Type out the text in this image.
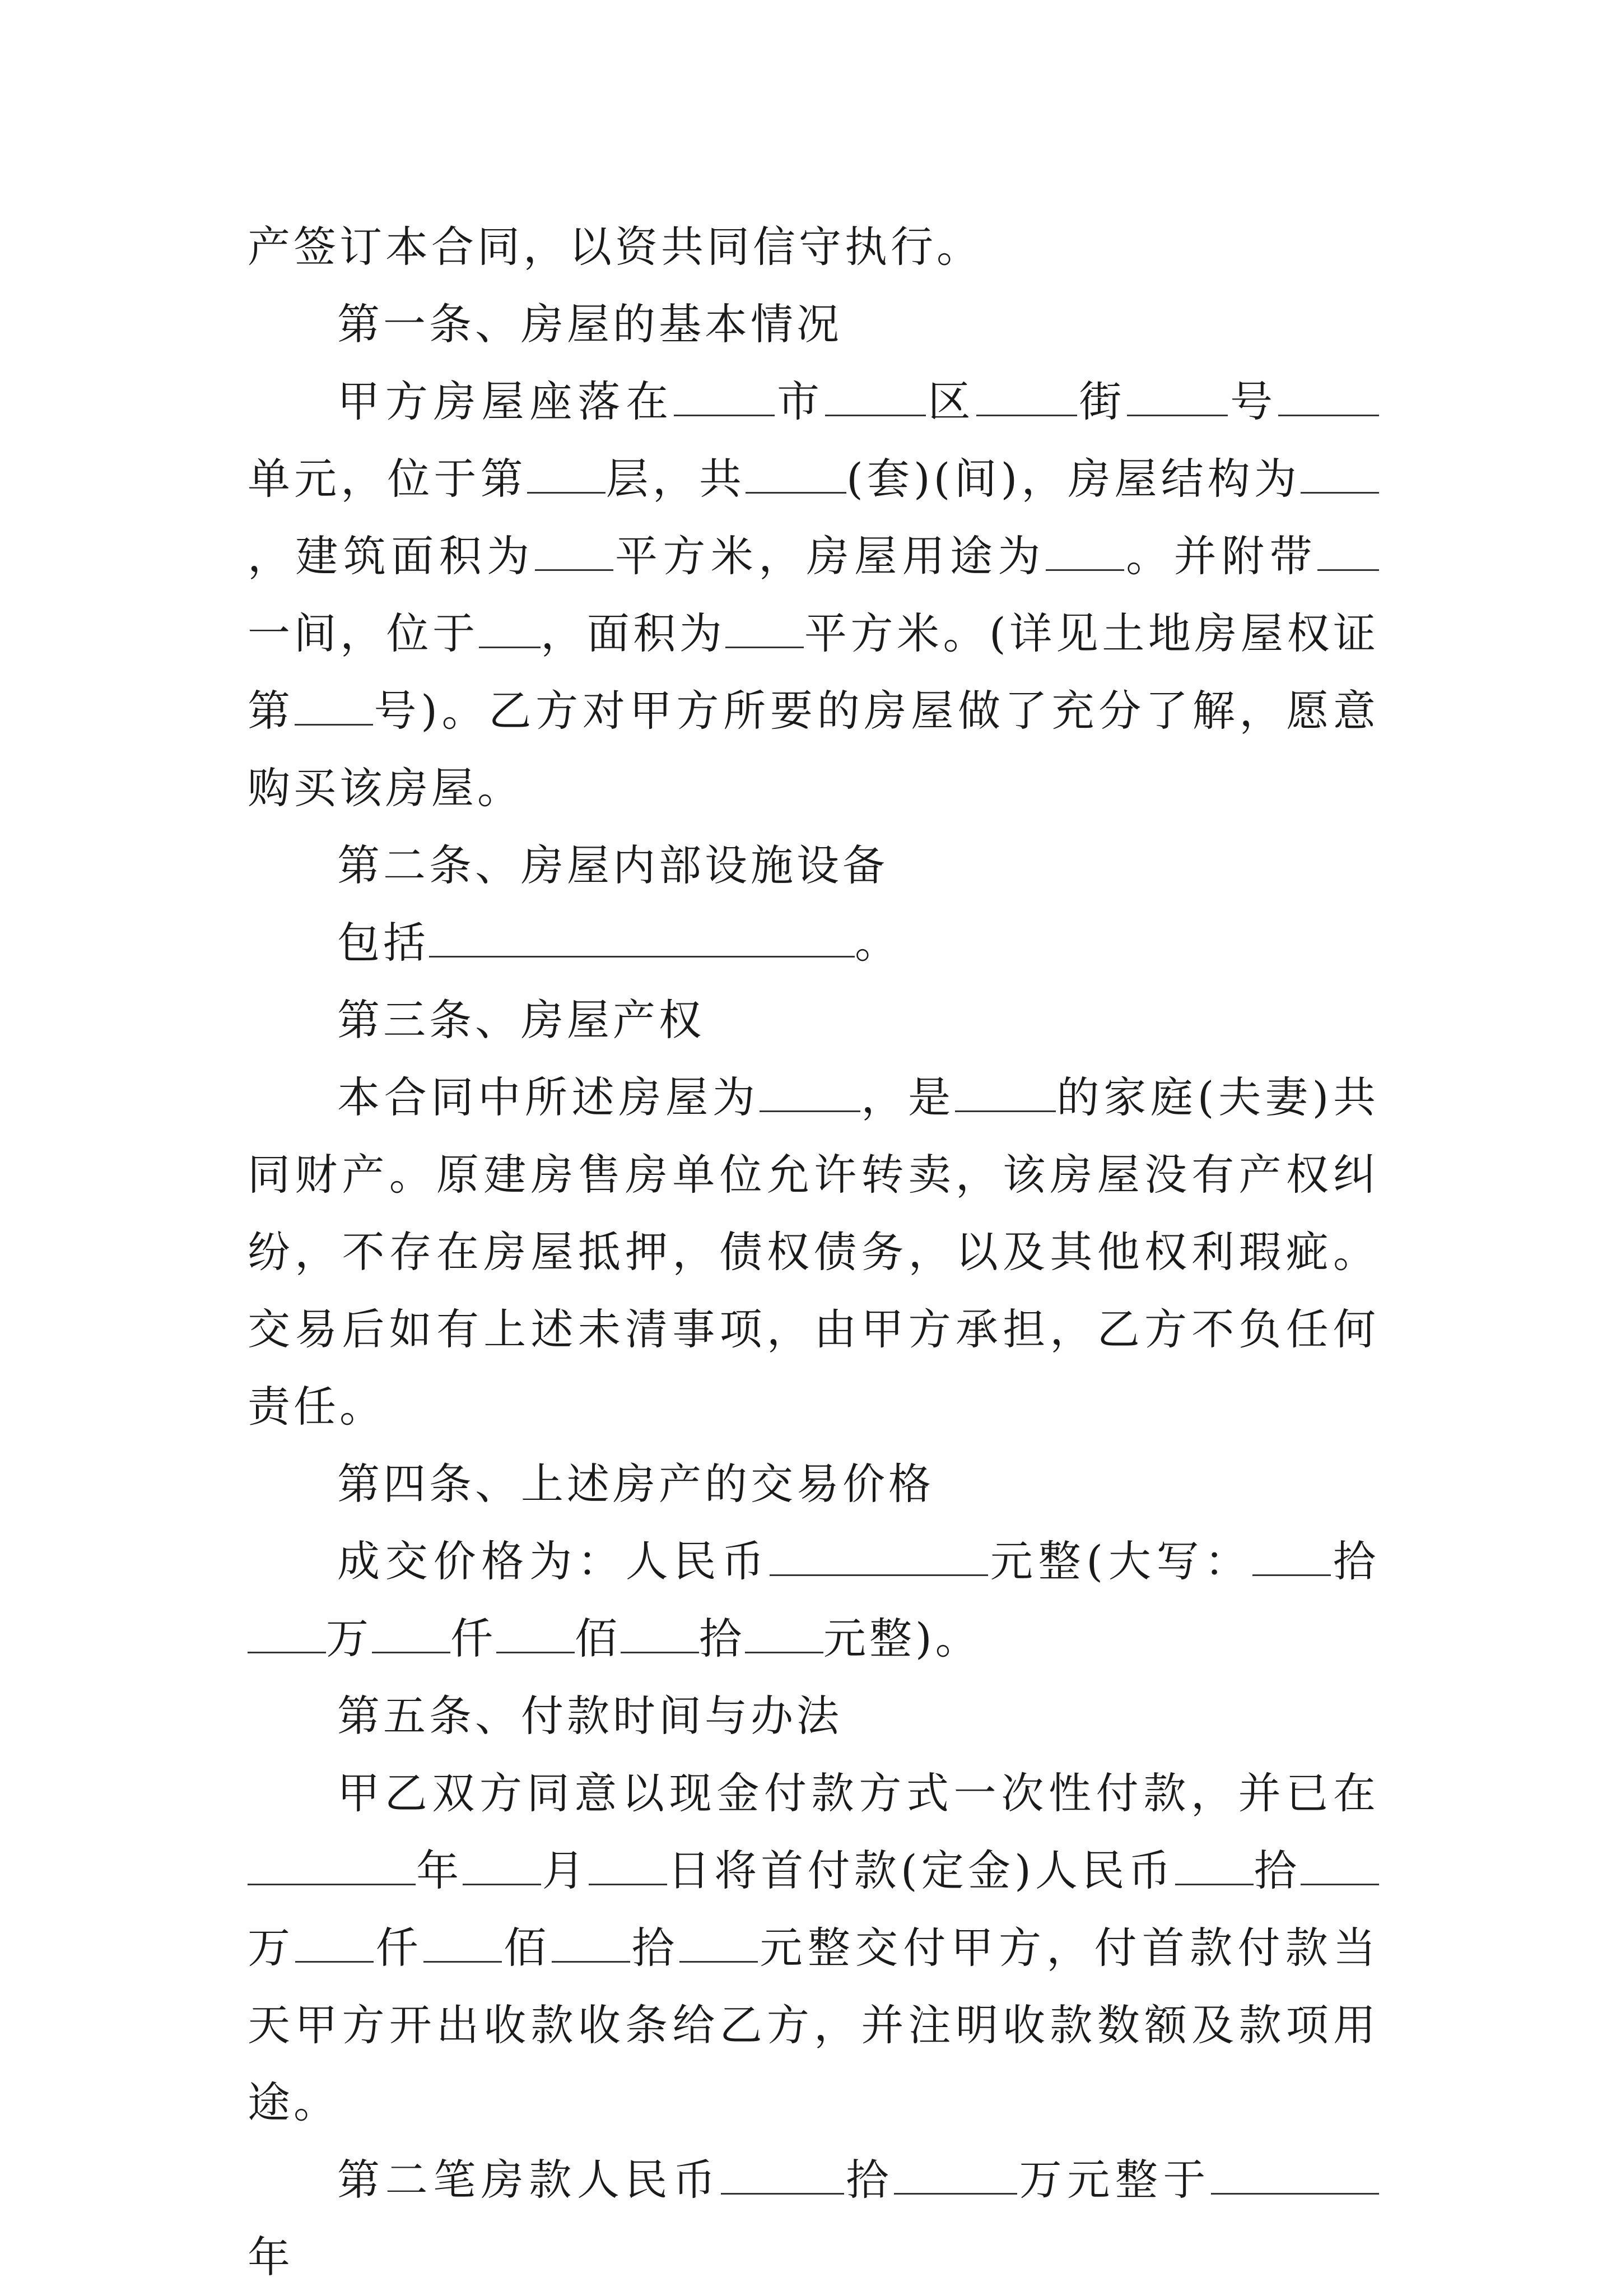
产签订本合同，以资共同信守执行。

第一条、房屋的基本情况

甲方房屋座落在 市 区 街 号单元，位于第 层，共 (套)(间)，房屋结构为，建筑面积为 平方米，房屋用途为 。并附带一间，位于 ，面积为 平方米。(详见土地房屋权证第 号)。乙方对甲方所要的房屋做了充分了解，愿意购买该房屋。

第二条、房屋内部设施设备

包括	。

第三条、房屋产权

本合同中所述房屋为 ，是 的家庭(夫妻)共同财产。原建房售房单位允许转卖，该房屋没有产权纠纷，不存在房屋抵押，债权债务，以及其他权利瑕疵。交易后如有上述未清事项，由甲方承担，乙方不负任何责任。

第四条、上述房产的交易价格

成交价格为：人民币	元整(大写： 拾万 仟 佰 拾 元整)。

第五条、付款时间与办法

甲乙双方同意以现金付款方式一次性付款，并已在年 月 日将首付款(定金)人民币 拾万 仟 佰 拾 元整交付甲方，付首款付款当天甲方开出收款收条给乙方，并注明收款数额及款项用途。

第二笔房款人民币	拾	万元整于年
